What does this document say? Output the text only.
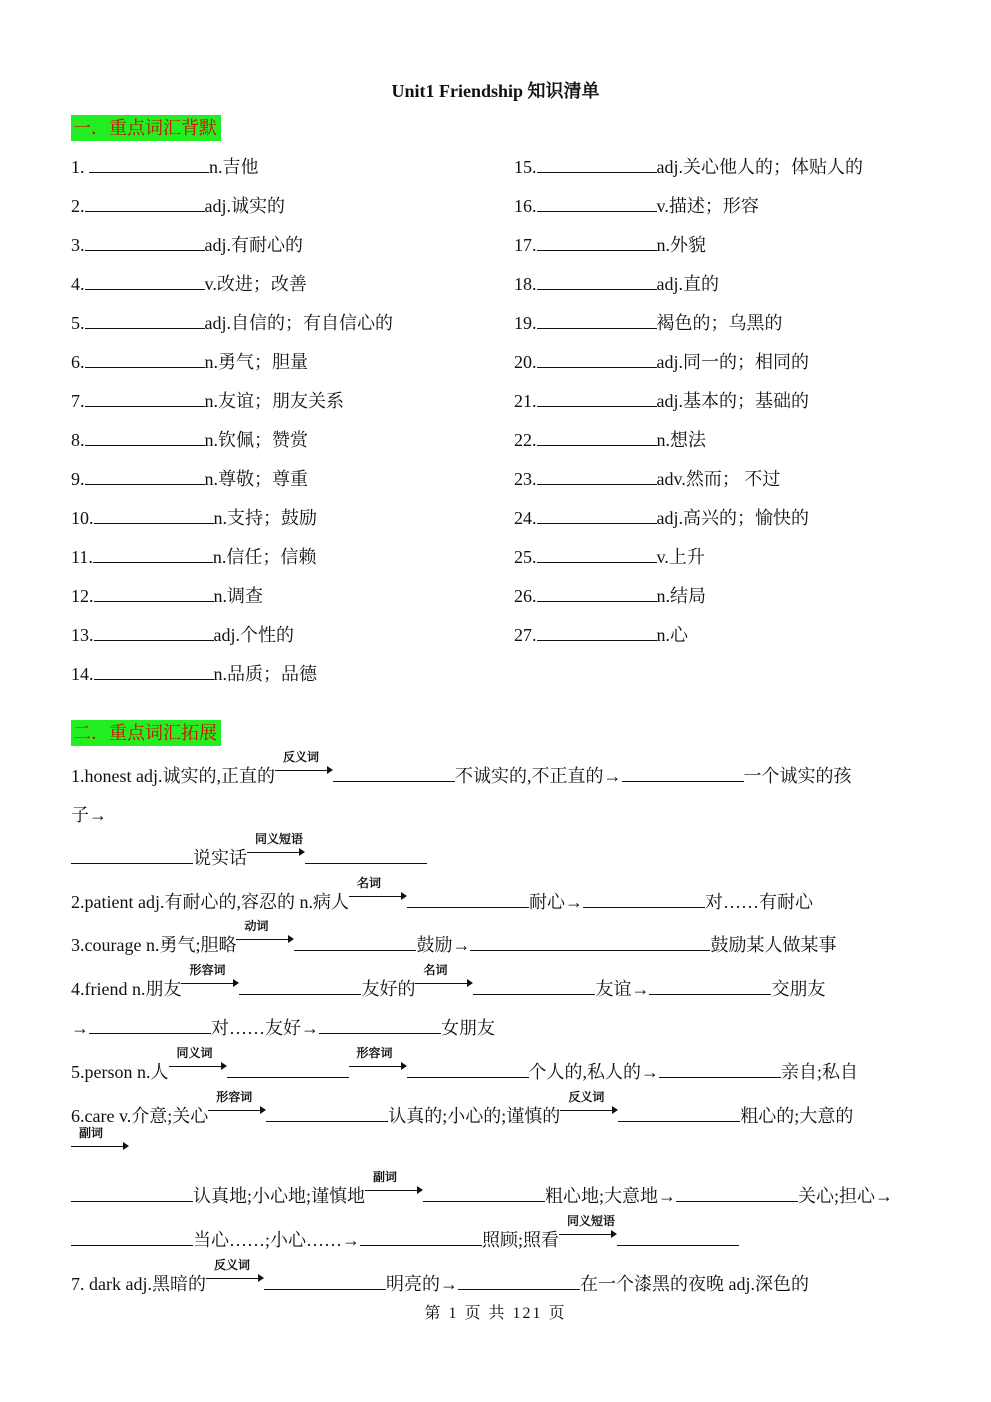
Unit1 Friendship 知识清单
一．重点词汇背默
1.	n.吉他
2.	adj.诚实的
3.	adj.有耐心的
4.	v.改进；改善
5.	adj.自信的；有自信心的
6.	n.勇气；胆量
7.	n.友谊；朋友关系
8.	n.钦佩；赞赏
9.	n.尊敬；尊重
10.	n.支持；鼓励
11.	n.信任；信赖
12.	n.调查
13.	adj.个性的
14.	n.品质；品德
15.	adj.关心他人的；体贴人的
16.	v.描述；形容
17.	n.外貌
18.	adj.直的
19.	褐色的；乌黑的
20.	adj.同一的；相同的
21.	adj.基本的；基础的
22.	n.想法
23.	adv.然而； 不过
24.	adj.高兴的；愉快的
25.	v.上升
26.	n.结局
27.	n.心
二．重点词汇拓展
1.honest adj.诚实的,正直的
反义词
不诚实的,不正直的→	一个诚实的孩
子→
说实话
同义短语
2.patient adj.有耐心的,容忍的 n.病人
名词
耐心→	对……有耐心
3.courage n.勇气;胆略
动词
鼓励→	鼓励某人做某事
4.friend n.朋友
形容词
友好的
名词
友谊→	交朋友
→	对……友好→	女朋友
5.person n.人
同义词	形容词
个人的,私人的→	亲自;私自
6.care v.介意;关心
形容词
认真的;小心的;谨慎的
反义词
粗心的;大意的
副词
认真地;小心地;谨慎地
副词
粗心地;大意地→	关心;担心→
当心……;小心……→	照顾;照看
同义短语
7. dark adj.黑暗的
反义词
明亮的→	在一个漆黑的夜晚 adj.深色的
第 1 页 共 121 页
